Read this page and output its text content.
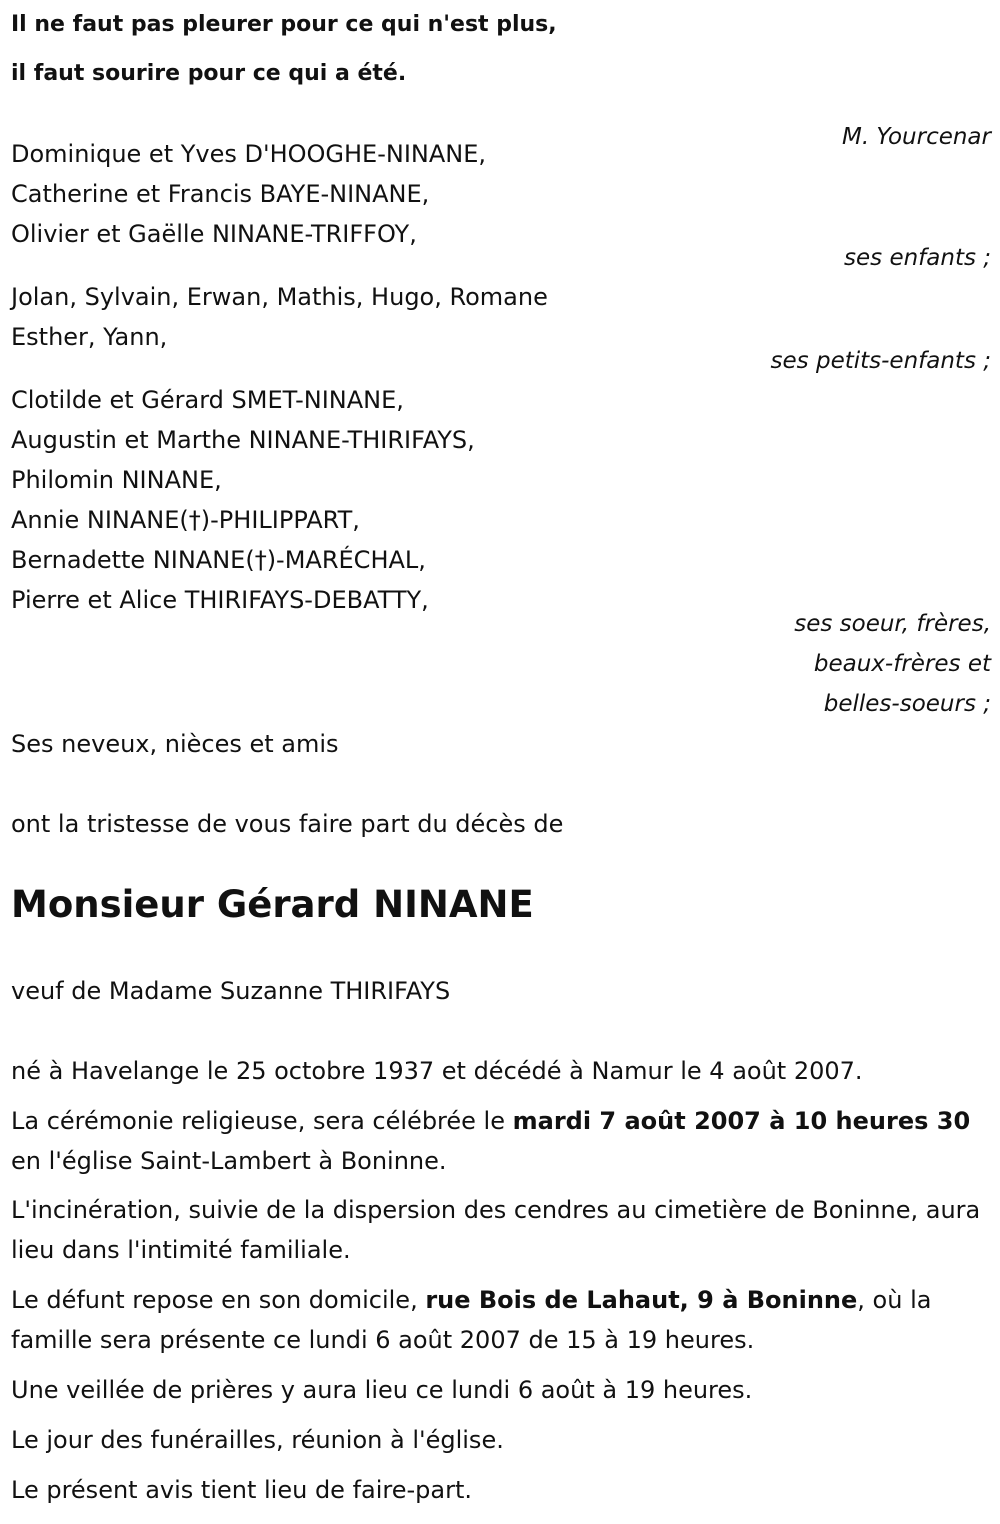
Il ne faut pas pleurer pour ce qui n'est plus,
il faut sourire pour ce qui a été.
M. Yourcenar
Dominique et Yves D'HOOGHE-NINANE,
Catherine et Francis BAYE-NINANE,
Olivier et Gaëlle NINANE-TRIFFOY,
ses enfants ;
Jolan, Sylvain, Erwan, Mathis, Hugo, Romane
Esther, Yann,
ses petits-enfants ;
Clotilde et Gérard SMET-NINANE,
Augustin et Marthe NINANE-THIRIFAYS,
Philomin NINANE,
Annie NINANE(†)-PHILIPPART,
Bernadette NINANE(†)-MARÉCHAL,
Pierre et Alice THIRIFAYS-DEBATTY,
ses soeur, frères,
beaux-frères et
belles-soeurs ;
Ses neveux, nièces et amis
ont la tristesse de vous faire part du décès de
Monsieur Gérard NINANE
veuf de Madame Suzanne THIRIFAYS
né à Havelange le 25 octobre 1937 et décédé à Namur le 4 août 2007.
La cérémonie religieuse, sera célébrée le mardi 7 août 2007 à 10 heures 30 en l'église Saint-Lambert à Boninne.
L'incinération, suivie de la dispersion des cendres au cimetière de Boninne, aura lieu dans l'intimité familiale.
Le défunt repose en son domicile, rue Bois de Lahaut, 9 à Boninne, où la famille sera présente ce lundi 6 août 2007 de 15 à 19 heures.
Une veillée de prières y aura lieu ce lundi 6 août à 19 heures.
Le jour des funérailles, réunion à l'église.
Le présent avis tient lieu de faire-part.
